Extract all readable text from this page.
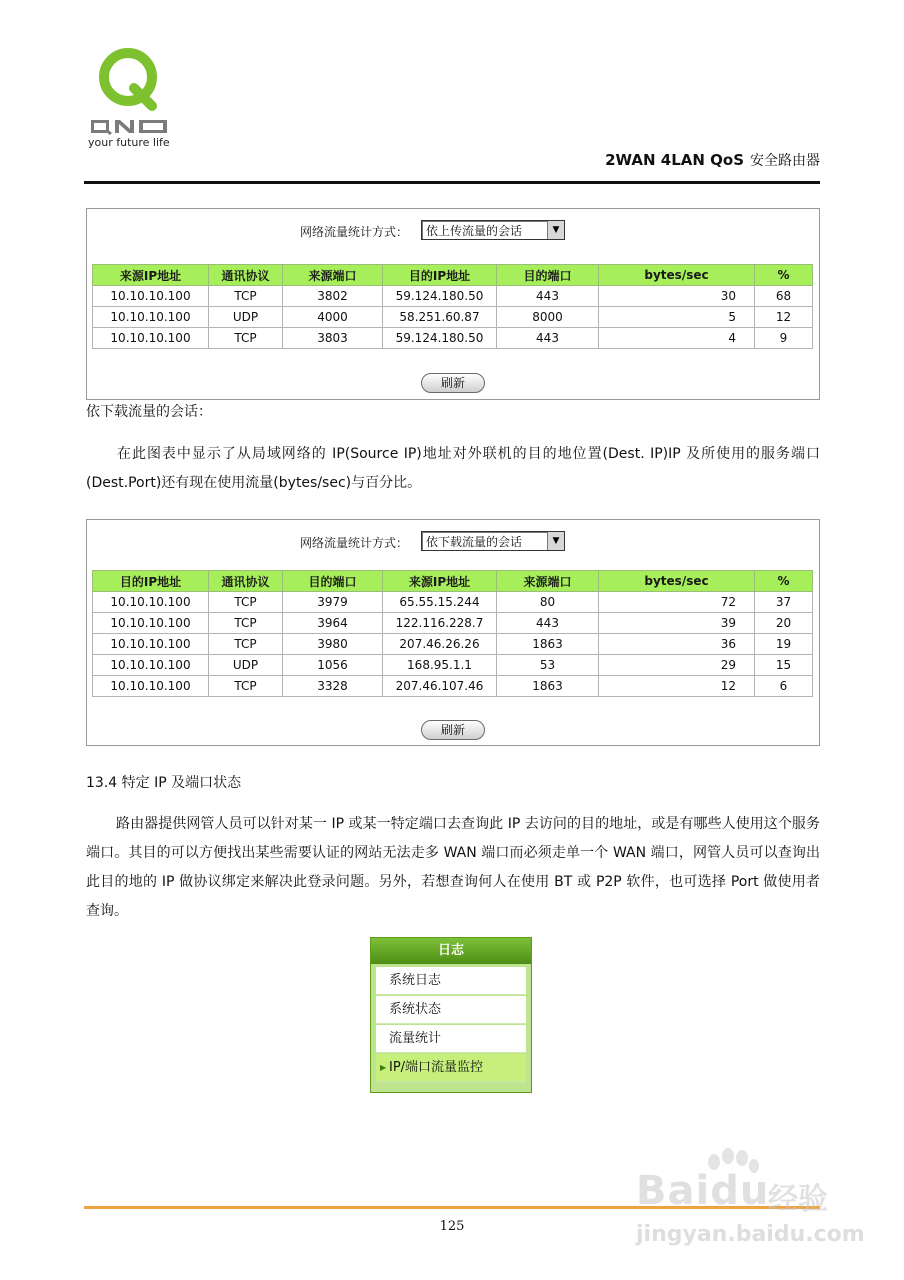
your future life
2WAN 4LAN QoS 安全路由器
网络流量统计方式： 依上传流量的会话	▼
来源IP地址	通讯协议	来源端口	目的IP地址	目的端口	bytes/sec	%
10.10.10.100	TCP	3802	59.124.180.50	443	30	68
10.10.10.100	UDP	4000	58.251.60.87	8000	5	12
10.10.10.100	TCP	3803	59.124.180.50	443	4	9
刷新
依下载流量的会话：
在此图表中显示了从局域网络的 IP(Source IP)地址对外联机的目的地位置(Dest. IP)IP 及所使用的服务端口(Dest.Port)还有现在使用流量(bytes/sec)与百分比。
网络流量统计方式： 依下载流量的会话	▼
目的IP地址	通讯协议	目的端口	来源IP地址	来源端口	bytes/sec	%
10.10.10.100	TCP	3979	65.55.15.244	80	72	37
10.10.10.100	TCP	3964	122.116.228.7	443	39	20
10.10.10.100	TCP	3980	207.46.26.26	1863	36	19
10.10.10.100	UDP	1056	168.95.1.1	53	29	15
10.10.10.100	TCP	3328	207.46.107.46	1863	12	6
刷新
13.4 特定 IP 及端口状态
路由器提供网管人员可以针对某一 IP 或某一特定端口去查询此 IP 去访问的目的地址，或是有哪些人使用这个服务端口。其目的可以方便找出某些需要认证的网站无法走多 WAN 端口而必须走单一个 WAN 端口，网管人员可以查询出此目的地的 IP 做协议绑定来解决此登录问题。另外，若想查询何人在使用 BT 或 P2P 软件，也可选择 Port 做使用者查询。
日志
系统日志
系统状态
流量统计
▶ IP/端口流量监控
125
Baidu
经验
jingyan.baidu.com
